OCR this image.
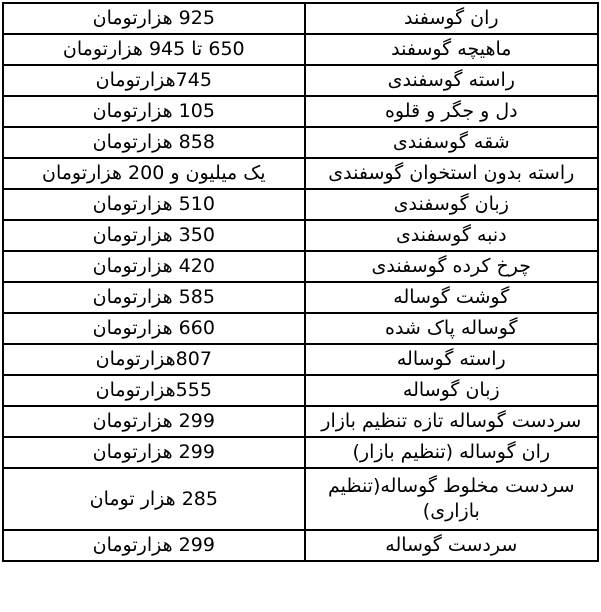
ران گوسفند	925 هزارتومان
ماهیچه گوسفند	650 تا 945 هزارتومان
راسته گوسفندی	745هزارتومان
دل و جگر و قلوه	105 هزارتومان
شقه گوسفندی	858 هزارتومان
راسته بدون استخوان گوسفندی	یک میلیون و 200 هزارتومان
زبان گوسفندی	510 هزارتومان
دنبه گوسفندی	350 هزارتومان
چرخ کرده گوسفندی	420 هزارتومان
گوشت گوساله	585 هزارتومان
گوساله پاک شده	660 هزارتومان
راسته گوساله	807هزارتومان
زبان گوساله	555هزارتومان
سردست گوساله تازه تنظیم بازار	299 هزارتومان
ران گوساله (تنظیم بازار)	299 هزارتومان
سردست مخلوط گوساله(تنظیم بازاری)	285 هزار تومان
سردست گوساله	299 هزارتومان
